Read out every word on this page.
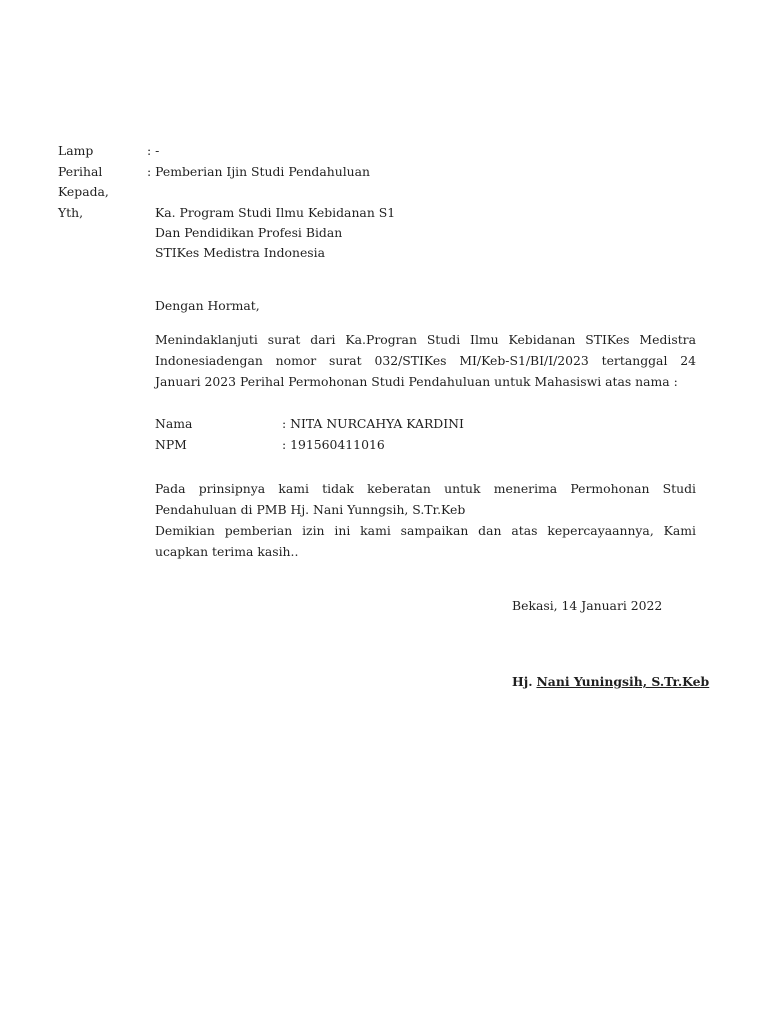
Lamp	: -
Perihal	: Pemberian Ijin Studi Pendahuluan
Kepada,
Yth,	Ka. Program Studi Ilmu Kebidanan S1
Dan Pendidikan Profesi Bidan
STIKes Medistra Indonesia
Dengan Hormat,
Menindaklanjuti surat dari Ka.Progran Studi Ilmu Kebidanan STIKes Medistra
Indonesiadengan nomor surat 032/STIKes MI/Keb-S1/BI/I/2023 tertanggal 24
Januari 2023 Perihal Permohonan Studi Pendahuluan untuk Mahasiswi atas nama :
Nama	: NITA NURCAHYA KARDINI
NPM	: 191560411016
Pada prinsipnya kami tidak keberatan untuk menerima Permohonan Studi
Pendahuluan di PMB Hj. Nani Yunngsih, S.Tr.Keb
Demikian pemberian izin ini kami sampaikan dan atas kepercayaannya, Kami
ucapkan terima kasih..
Bekasi, 14 Januari 2022
Hj. Nani Yuningsih, S.Tr.Keb
